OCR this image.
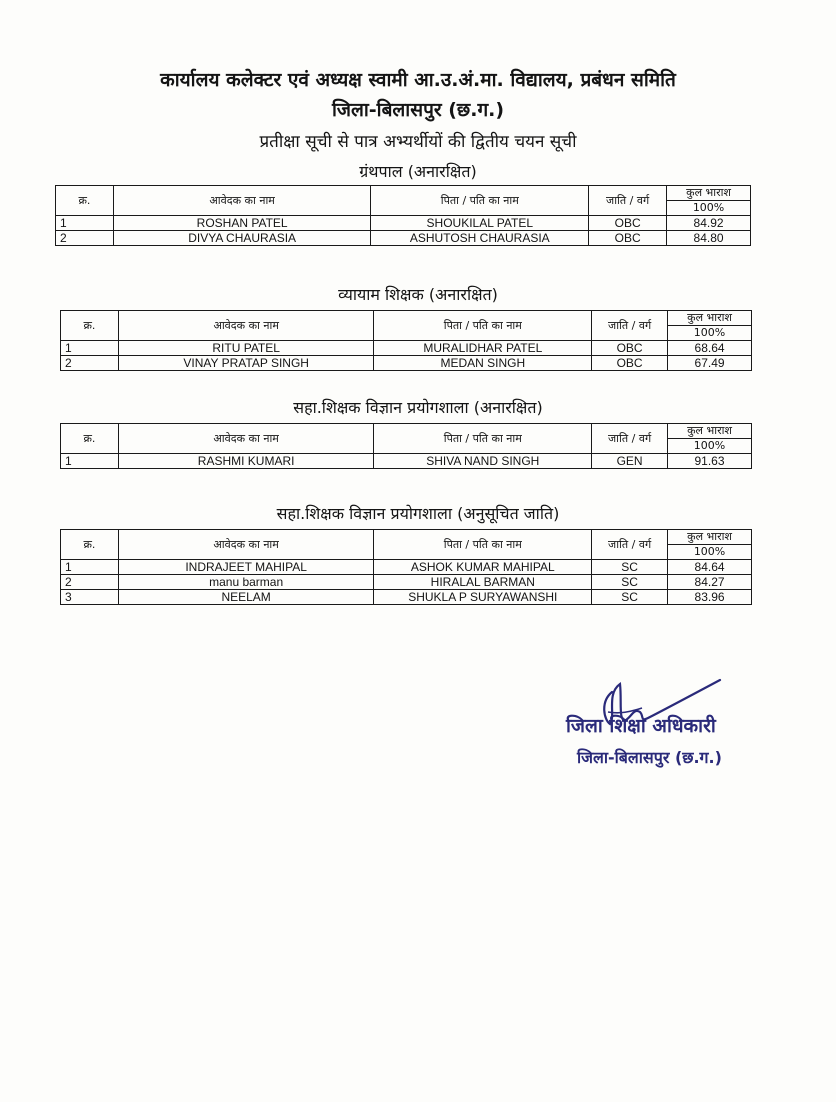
कार्यालय कलेक्टर एवं अध्यक्ष स्वामी आ.उ.अं.मा. विद्यालय, प्रबंधन समिति
जिला-बिलासपुर (छ.ग.)
प्रतीक्षा सूची से पात्र अभ्यर्थीयों की द्वितीय चयन सूची
ग्रंथपाल (अनारक्षित)
क्र.	आवेदक का नाम	पिता / पति का नाम	जाति / वर्ग	कुल भाराश
				100%
1	ROSHAN PATEL	SHOUKILAL PATEL	OBC	84.92
2	DIVYA CHAURASIA	ASHUTOSH CHAURASIA	OBC	84.80
व्यायाम शिक्षक (अनारक्षित)
क्र.	आवेदक का नाम	पिता / पति का नाम	जाति / वर्ग	कुल भाराश
				100%
1	RITU PATEL	MURALIDHAR PATEL	OBC	68.64
2	VINAY PRATAP SINGH	MEDAN SINGH	OBC	67.49
सहा.शिक्षक विज्ञान प्रयोगशाला (अनारक्षित)
क्र.	आवेदक का नाम	पिता / पति का नाम	जाति / वर्ग	कुल भाराश
				100%
1	RASHMI KUMARI	SHIVA NAND SINGH	GEN	91.63
सहा.शिक्षक विज्ञान प्रयोगशाला (अनुसूचित जाति)
क्र.	आवेदक का नाम	पिता / पति का नाम	जाति / वर्ग	कुल भाराश
				100%
1	INDRAJEET MAHIPAL	ASHOK KUMAR MAHIPAL	SC	84.64
2	manu barman	HIRALAL BARMAN	SC	84.27
3	NEELAM	SHUKLA P SURYAWANSHI	SC	83.96
जिला शिक्षा अधिकारी
जिला-बिलासपुर (छ.ग.)
